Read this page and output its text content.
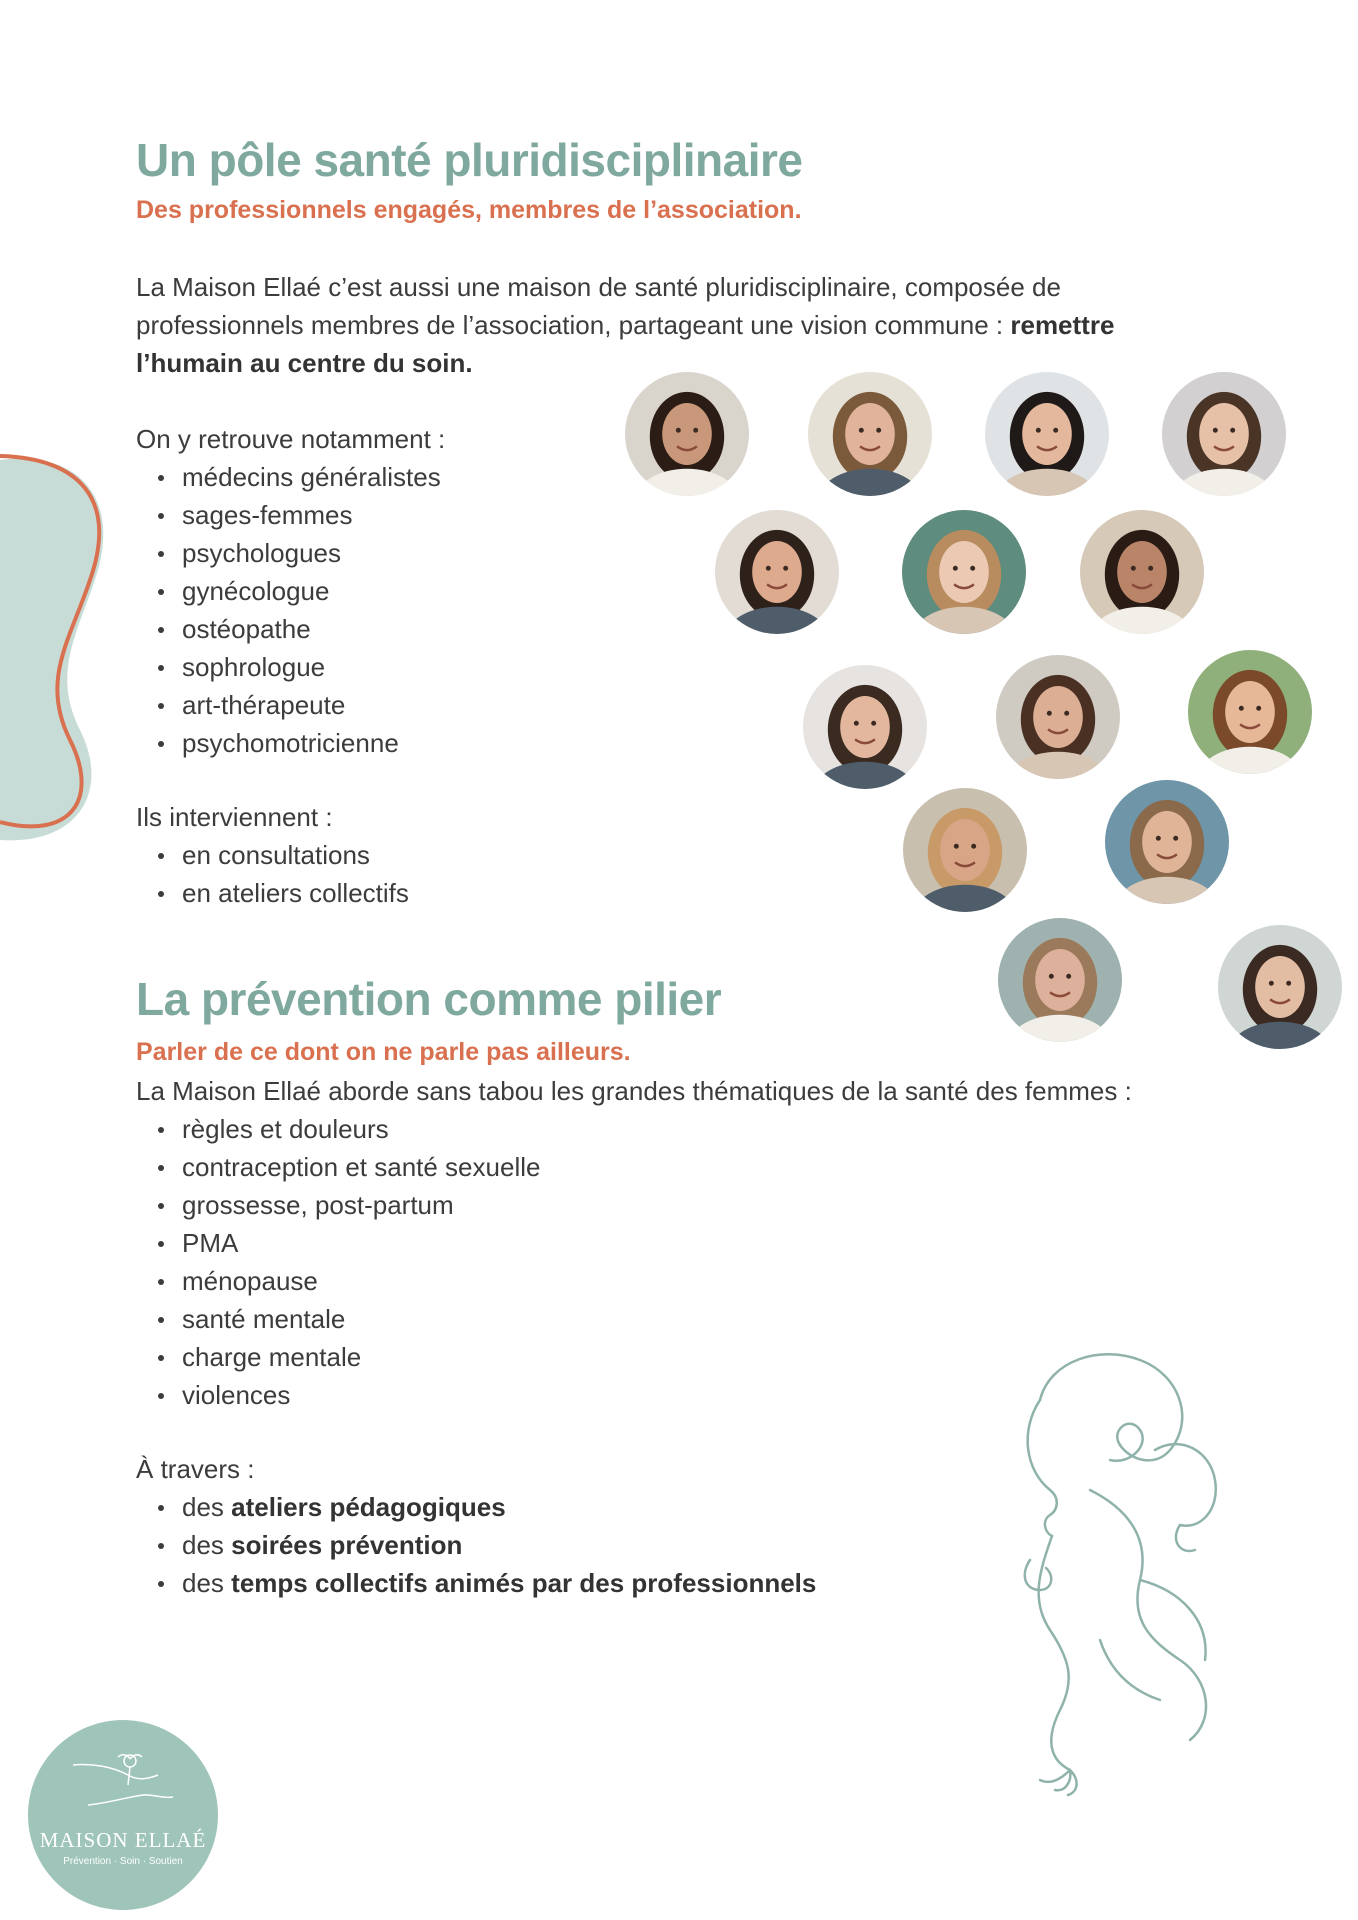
Un pôle santé pluridisciplinaire
Des professionnels engagés, membres de l’association.

La Maison Ellaé c’est aussi une maison de santé pluridisciplinaire, composée de

professionnels membres de l’association, partageant une vision commune : remettre

l’humain au centre du soin.

On y retrouve notamment :

médecins généralistes
sages-femmes
psychologues
gynécologue
ostéopathe
sophrologue
art-thérapeute
psychomotricienne

Ils interviennent :

en consultations
en ateliers collectifs
La prévention comme pilier
Parler de ce dont on ne parle pas ailleurs.

La Maison Ellaé aborde sans tabou les grandes thématiques de la santé des femmes :

règles et douleurs
contraception et santé sexuelle
grossesse, post-partum
PMA
ménopause
santé mentale
charge mentale
violences

À travers :

des ateliers pédagogiques
des soirées prévention
des temps collectifs animés par des professionnels
MAISON ELLAÉ
Prévention · Soin · Soutien
